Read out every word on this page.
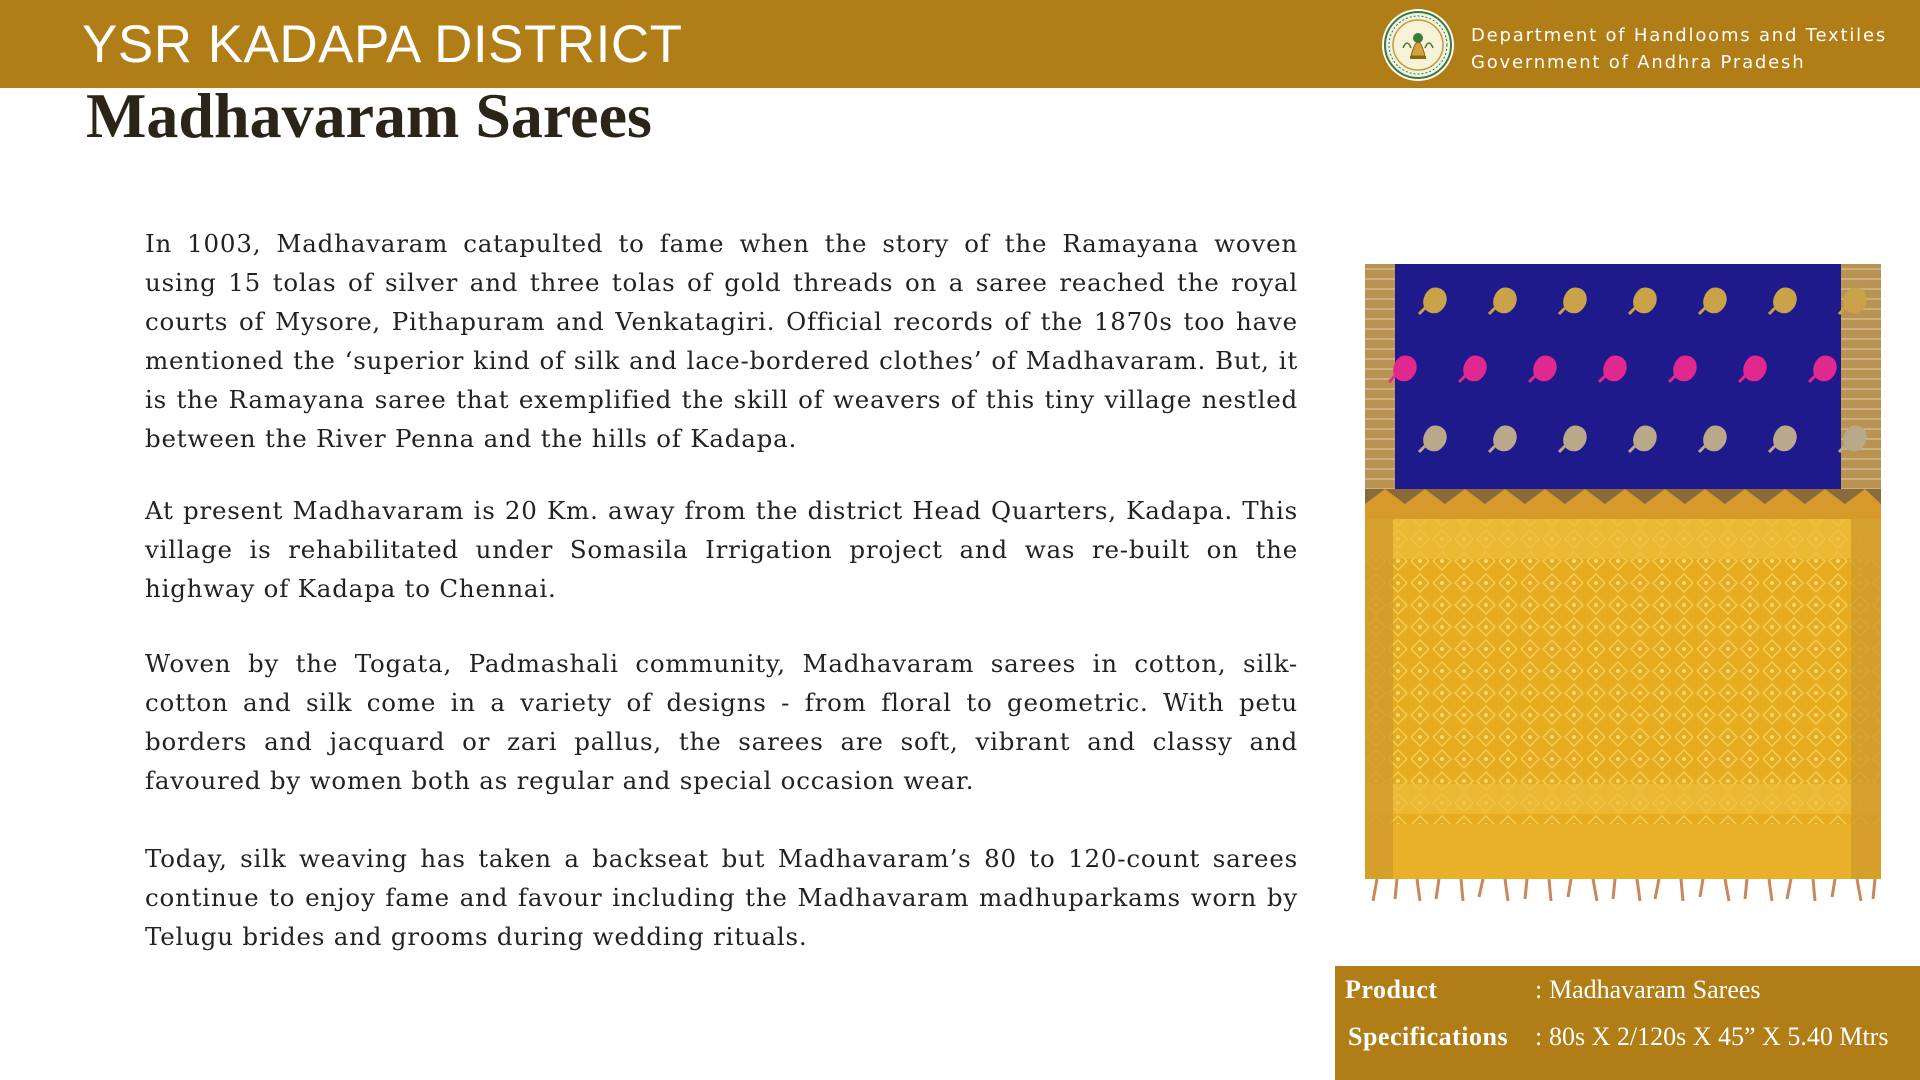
YSR KADAPA DISTRICT	Department of Handlooms and Textiles
Government of Andhra Pradesh
Madhavaram Sarees

In 1003, Madhavaram catapulted to fame when the story of the Ramayana woven using 15 tolas of silver and three tolas of gold threads on a saree reached the royal courts of Mysore, Pithapuram and Venkatagiri. Official records of the 1870s too have mentioned the ‘superior kind of silk and lace-bordered clothes’ of Madhavaram. But, it is the Ramayana saree that exemplified the skill of weavers of this tiny village nestled between the River Penna and the hills of Kadapa.

At present Madhavaram is 20 Km. away from the district Head Quarters, Kadapa. This village is rehabilitated under Somasila Irrigation project and was re-built on the highway of Kadapa to Chennai.

Woven by the Togata, Padmashali community, Madhavaram sarees in cotton, silk-cotton and silk come in a variety of designs - from floral to geometric. With petu borders and jacquard or zari pallus, the sarees are soft, vibrant and classy and favoured by women both as regular and special occasion wear.

Today, silk weaving has taken a backseat but Madhavaram’s 80 to 120-count sarees continue to enjoy fame and favour including the Madhavaram madhuparkams worn by Telugu brides and grooms during wedding rituals.

Product	: Madhavaram Sarees
Specifications : 80s X 2/120s X 45” X 5.40 Mtrs
